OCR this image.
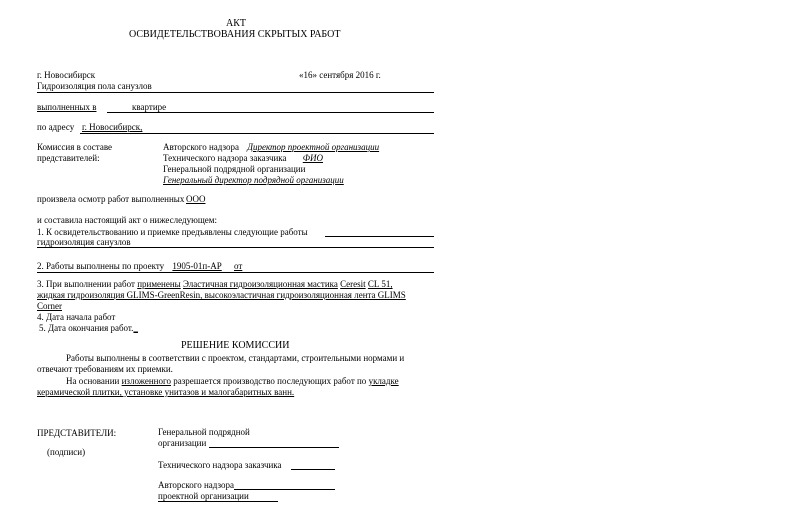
АКТ
ОСВИДЕТЕЛЬСТВОВАНИЯ СКРЫТЫХ РАБОТ
г. Новосибирск	«16» сентября 2016 г.
Гидроизоляция пола санузлов
выполненных в	квартире
по адресу г. Новосибирск,
Комиссия в составе
представителей:
Авторского надзора Директор проектной организации
Технического надзора заказчика ФИО
Генеральной подрядной организации
Генеральный директор подрядной организации
произвела осмотр работ выполненных ООО
и составила настоящий акт о нижеследующем:
1. К освидетельствованию и приемке предъявлены следующие работы
гидроизоляция санузлов
2. Работы выполнены по проекту 1905-01п-АР от
3. При выполнении работ применены Эластичная гидроизоляционная мастика Ceresit CL 51,
жидкая гидроизоляция GLIMS-GreenResin, высокоэластичная гидроизоляционная лента GLIMS
Corner
4. Дата начала работ
5. Дата окончания работ._
РЕШЕНИЕ КОМИССИИ
Работы выполнены в соответствии с проектом, стандартами, строительными нормами и
отвечают требованиям их приемки.
На основании изложенного разрешается производство последующих работ по укладке
керамической плитки, установке унитазов и малогабаритных ванн.
ПРЕДСТАВИТЕЛИ:
(подписи)
Генеральной подрядной
организации
Технического надзора заказчика
Авторского надзора
проектной организации
